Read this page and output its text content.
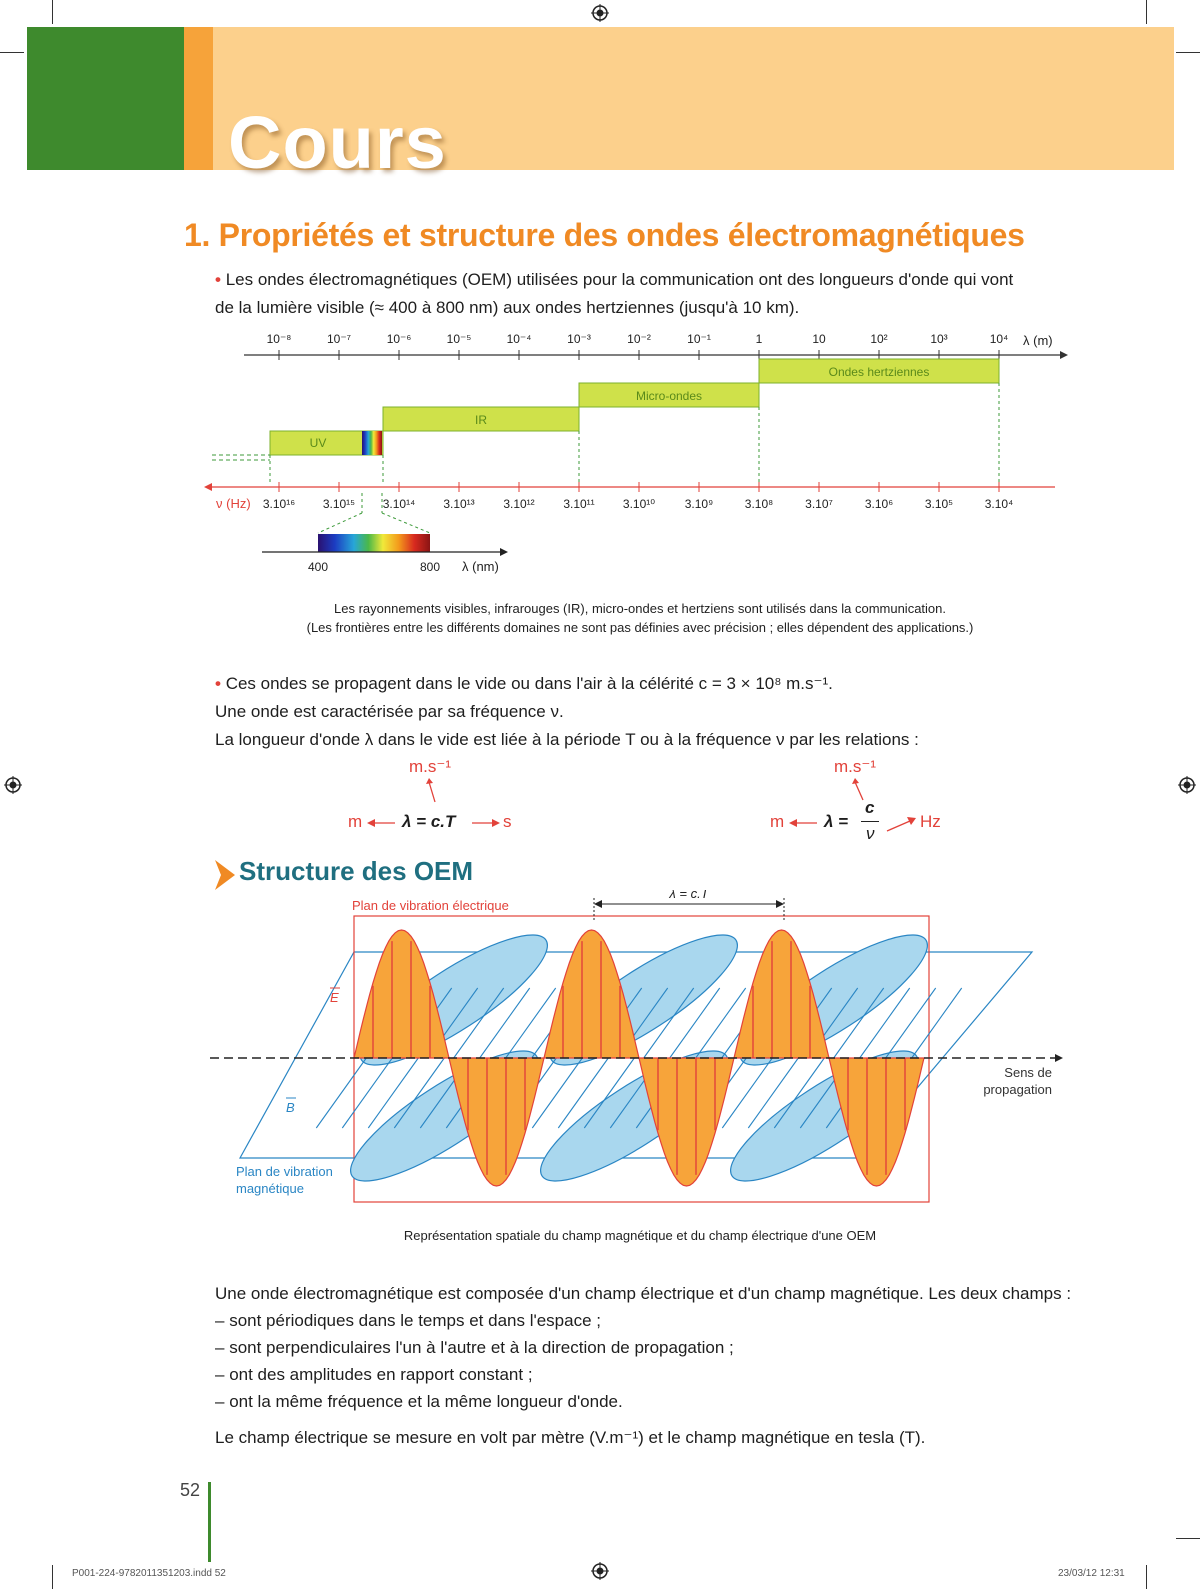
Cours
1. Propriétés et structure des ondes électromagnétiques
• Les ondes électromagnétiques (OEM) utilisées pour la communication ont des longueurs d'onde qui vont
de la lumière visible (≈ 400 à 800 nm) aux ondes hertziennes (jusqu'à 10 km).
10⁻⁸	10⁻⁷	10⁻⁶	10⁻⁵	10⁻⁴	10⁻³	10⁻²	10⁻¹	1	10	10²	10³	10⁴ λ (m)
UV
IR
Micro-ondes
Ondes hertziennes
ν (Hz) 3.10¹⁶ 3.10¹⁵ 3.10¹⁴ 3.10¹³ 3.10¹² 3.10¹¹ 3.10¹⁰ 3.10⁹	3.10⁸	3.10⁷	3.10⁶	3.10⁵	3.10⁴
400	800 λ (nm)
Les rayonnements visibles, infrarouges (IR), micro-ondes et hertziens sont utilisés dans la communication.
(Les frontières entre les différents domaines ne sont pas définies avec précision ; elles dépendent des applications.)
• Ces ondes se propagent dans le vide ou dans l'air à la célérité c = 3 × 10⁸ m.s⁻¹.
Une onde est caractérisée par sa fréquence ν.
La longueur d'onde λ dans le vide est liée à la période T ou à la fréquence ν par les relations :
m.s⁻¹
m λ = c.T	s
m.s⁻¹
m λ =
c
ν
Hz
Structure des OEM
λ = c.T
Plan de vibration électrique
E
B
Plan de vibration
magnétique
Sens de
propagation
Représentation spatiale du champ magnétique et du champ électrique d'une OEM
Une onde électromagnétique est composée d'un champ électrique et d'un champ magnétique. Les deux champs :
– sont périodiques dans le temps et dans l'espace ;
– sont perpendiculaires l'un à l'autre et à la direction de propagation ;
– ont des amplitudes en rapport constant ;
– ont la même fréquence et la même longueur d'onde.
Le champ électrique se mesure en volt par mètre (V.m⁻¹) et le champ magnétique en tesla (T).
52
P001-224-9782011351203.indd 52	23/03/12 12:31
